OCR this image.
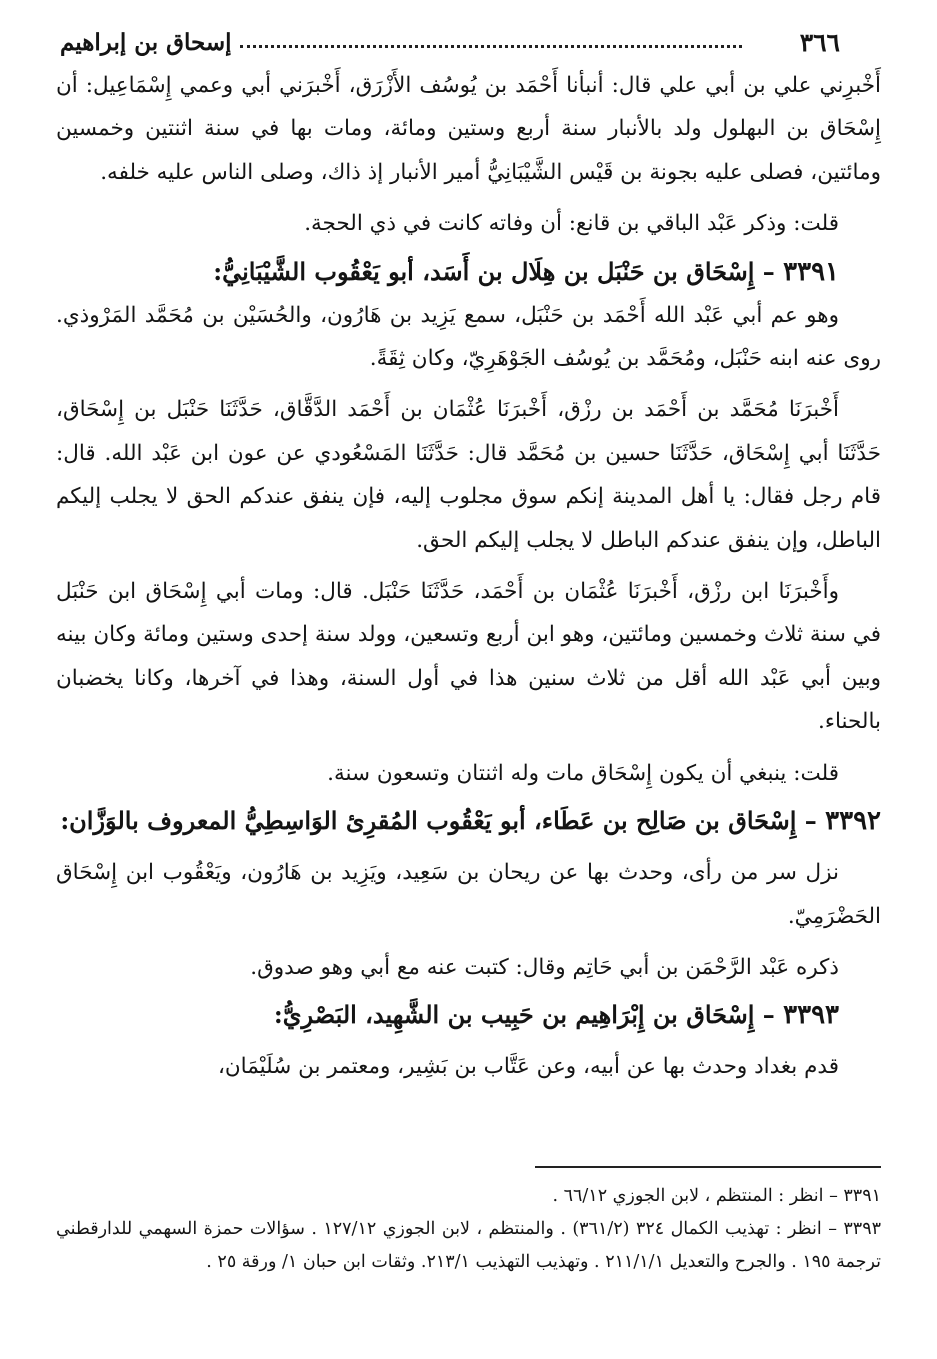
٣٦٦
إسحاق بن إبراهيم

أَخْبرِني علي بن أبي علي قال: أنبأنا أَحْمَد بن يُوسُف الأَزْرَق، أَخْبرَني أبي وعمي إِسْمَاعِيل: أن إِسْحَاق بن البهلول ولد بالأنبار سنة أربع وستين ومائة، ومات بها في سنة اثنتين وخمسين ومائتين، فصلى عليه بجونة بن قَيْس الشَّيْبَانِيُّ أمير الأنبار إذ ذاك، وصلى الناس عليه خلفه.

قلت: وذكر عَبْد الباقي بن قانع: أن وفاته كانت في ذي الحجة.

٣٣٩١ – إِسْحَاق بن حَنْبَل بن هِلَال بن أَسَد، أبو يَعْقُوب الشَّيْبَانِيُّ:

وهو عم أبي عَبْد الله أَحْمَد بن حَنْبَل، سمع يَزِيد بن هَارُون، والحُسَيْن بن مُحَمَّد المَرْوذي. روى عنه ابنه حَنْبَل، ومُحَمَّد بن يُوسُف الجَوْهَرِيّ، وكان ثِقَةً.

أَخْبرَنَا مُحَمَّد بن أَحْمَد بن رزْق، أَخْبرَنَا عُثْمَان بن أَحْمَد الدَّقَّاق، حَدَّثَنَا حَنْبَل بن إِسْحَاق، حَدَّثَنَا أبي إِسْحَاق، حَدَّثَنَا حسين بن مُحَمَّد قال: حَدَّثَنَا المَسْعُودي عن عون ابن عَبْد الله. قال: قام رجل فقال: يا أهل المدينة إنكم سوق مجلوب إليه، فإن ينفق عندكم الحق لا يجلب إليكم الباطل، وإن ينفق عندكم الباطل لا يجلب إليكم الحق.

وأَخْبرَنَا ابن رزْق، أَخْبرَنَا عُثْمَان بن أَحْمَد، حَدَّثَنَا حَنْبَل. قال: ومات أبي إِسْحَاق ابن حَنْبَل في سنة ثلاث وخمسين ومائتين، وهو ابن أربع وتسعين، وولد سنة إحدى وستين ومائة وكان بينه وبين أبي عَبْد الله أقل من ثلاث سنين هذا في أول السنة، وهذا في آخرها، وكانا يخضبان بالحناء.

قلت: ينبغي أن يكون إِسْحَاق مات وله اثنتان وتسعون سنة.

٣٣٩٢ – إِسْحَاق بن صَالِح بن عَطَاء، أبو يَعْقُوب المُقرِئ الوَاسِطِيُّ المعروف بالوَزَّان:

نزل سر من رأى، وحدث بها عن ريحان بن سَعِيد، ويَزِيد بن هَارُون، ويَعْقُوب ابن إِسْحَاق الحَضْرَمِيّ.

ذكره عَبْد الرَّحْمَن بن أبي حَاتِم وقال: كتبت عنه مع أبي وهو صدوق.

٣٣٩٣ – إِسْحَاق بن إِبْرَاهِيم بن حَبِيب بن الشَّهِيد، البَصْرِيُّ:

قدم بغداد وحدث بها عن أبيه، وعن عَتَّاب بن بَشِير، ومعتمر بن سُلَيْمَان،

٣٣٩١ – انظر : المنتظم ، لابن الجوزي ٦٦/١٢ .

٣٣٩٣ – انظر : تهذيب الكمال ٣٢٤ (٣٦١/٢) . والمنتظم ، لابن الجوزي ١٢٧/١٢ . سؤالات حمزة السهمي للدارقطني ترجمة ١٩٥ . والجرح والتعديل ٢١١/١/١ . وتهذيب التهذيب ٢١٣/١. وثقات ابن حبان ١/ ورقة ٢٥ .
